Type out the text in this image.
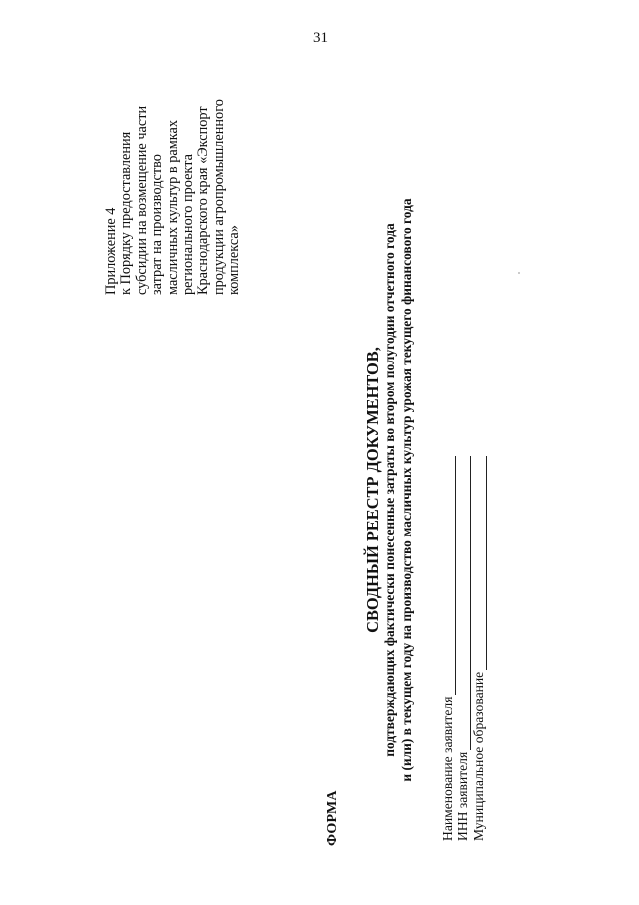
31
Приложение 4 к Порядку предоставления субсидии на возмещение части затрат на производство масличных культур в рамках регионального проекта Краснодарского края «Экспорт продукции агропромышленного комплекса»
СВОДНЫЙ РЕЕСТР ДОКУМЕНТОВ, подтверждающих фактически понесенные затраты во втором полугодии отчетного года и (или) в текущем году на производство масличных культур урожая текущего финансового года
ФОРМА	Наименование заявителя ИНН заявителя Муниципальное образование
